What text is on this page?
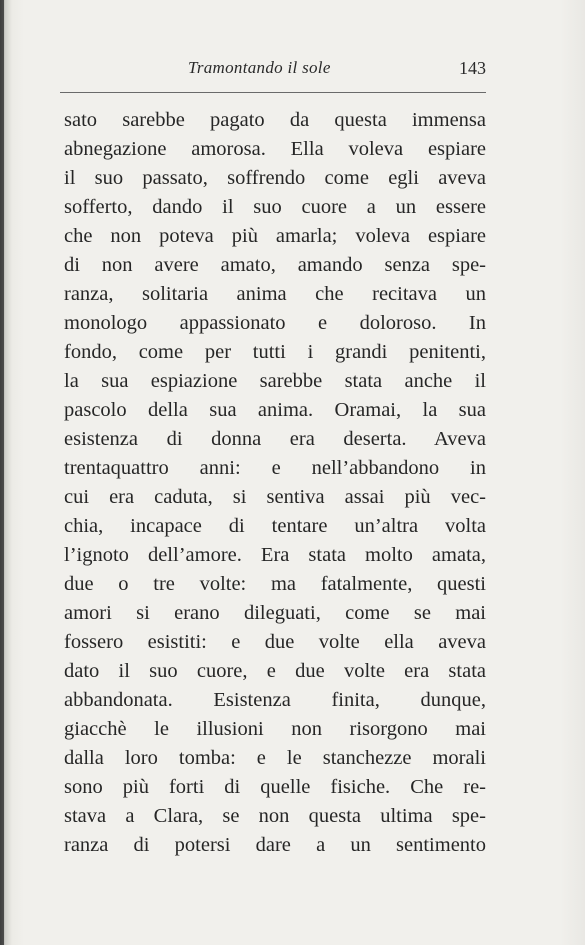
Tramontando il sole	143
sato sarebbe pagato da questa immensa
abnegazione amorosa. Ella voleva espiare
il suo passato, soffrendo come egli aveva
sofferto, dando il suo cuore a un essere
che non poteva più amarla; voleva espiare
di non avere amato, amando senza spe-
ranza, solitaria anima che recitava un
monologo appassionato e doloroso. In
fondo, come per tutti i grandi penitenti,
la sua espiazione sarebbe stata anche il
pascolo della sua anima. Oramai, la sua
esistenza di donna era deserta. Aveva
trentaquattro anni: e nell’abbandono in
cui era caduta, si sentiva assai più vec-
chia, incapace di tentare un’altra volta
l’ignoto dell’amore. Era stata molto amata,
due o tre volte: ma fatalmente, questi
amori si erano dileguati, come se mai
fossero esistiti: e due volte ella aveva
dato il suo cuore, e due volte era stata
abbandonata. Esistenza finita, dunque,
giacchè le illusioni non risorgono mai
dalla loro tomba: e le stanchezze morali
sono più forti di quelle fisiche. Che re-
stava a Clara, se non questa ultima spe-
ranza di potersi dare a un sentimento
